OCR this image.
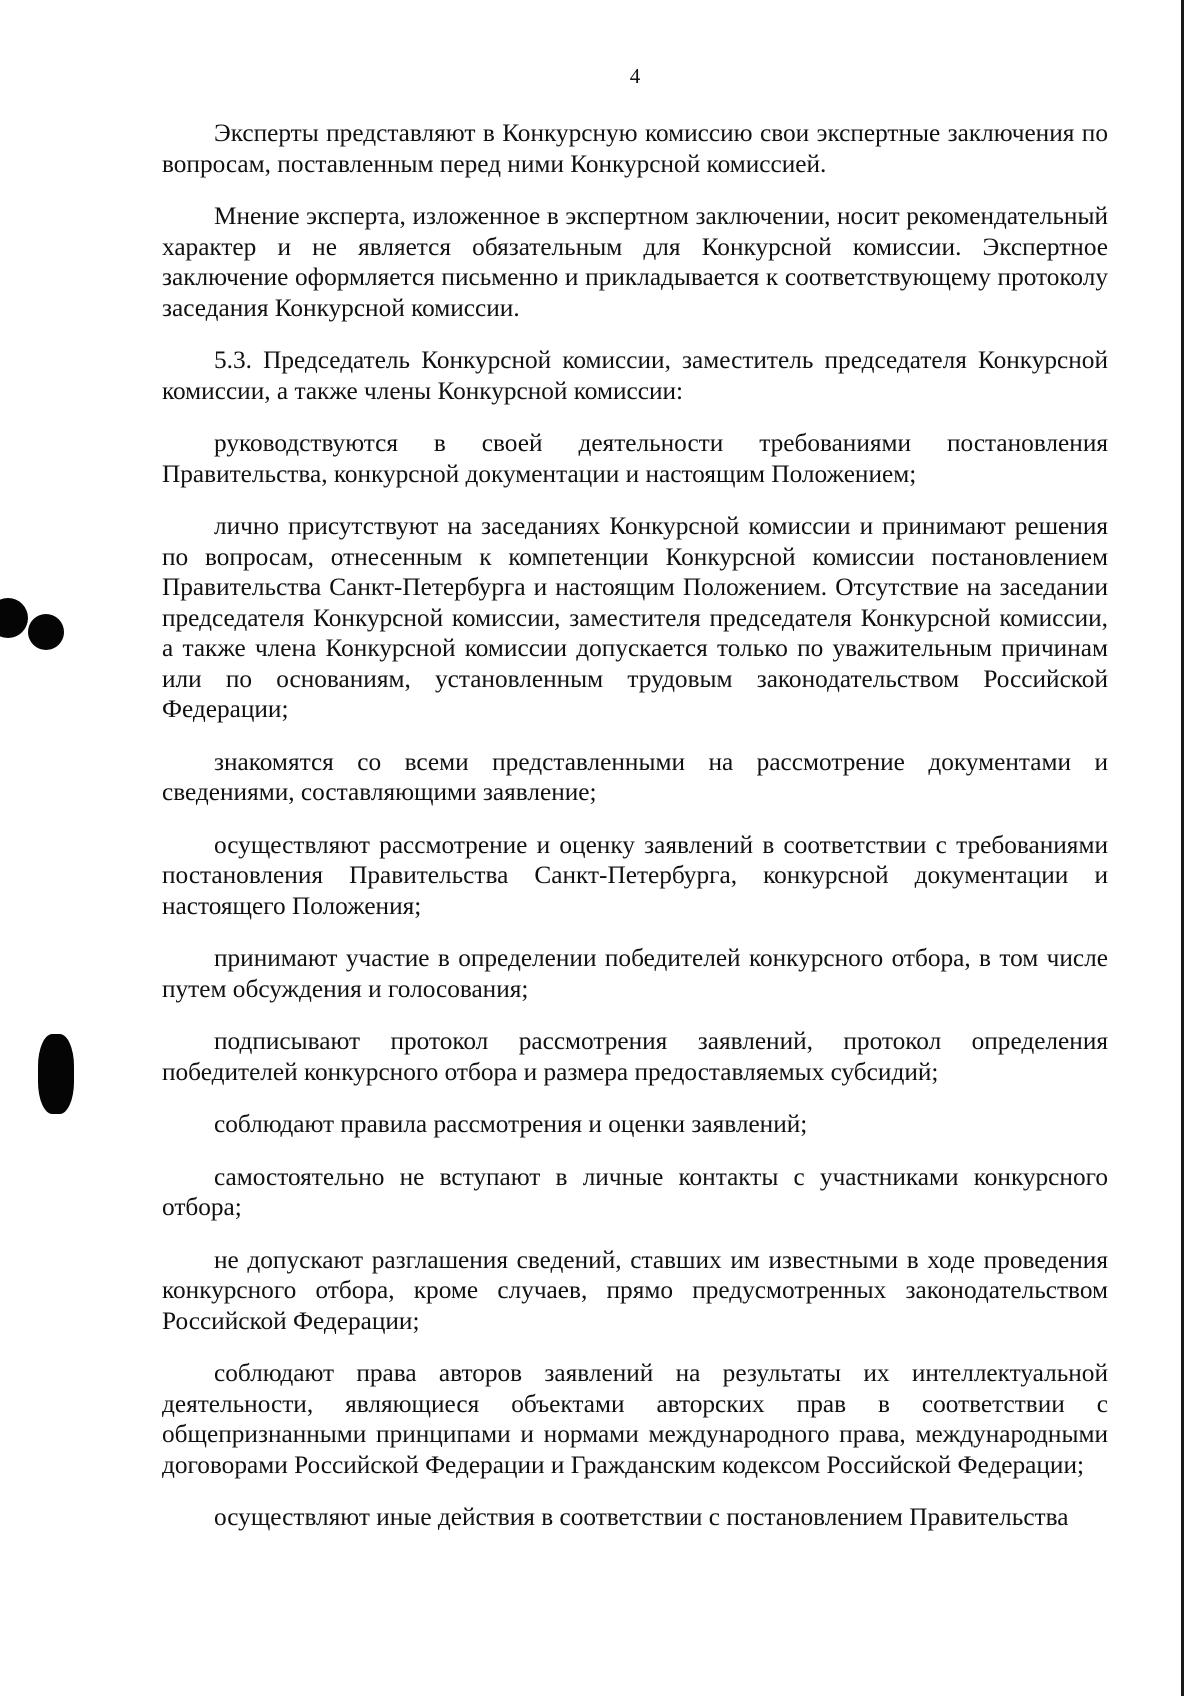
4

Эксперты представляют в Конкурсную комиссию свои экспертные заключения по вопросам, поставленным перед ними Конкурсной комиссией.

Мнение эксперта, изложенное в экспертном заключении, носит рекомендательный характер и не является обязательным для Конкурсной комиссии. Экспертное заключение оформляется письменно и прикладывается к соответствующему протоколу заседания Конкурсной комиссии.

5.3. Председатель Конкурсной комиссии, заместитель председателя Конкурсной комиссии, а также члены Конкурсной комиссии:

руководствуются в своей деятельности требованиями постановления Правительства, конкурсной документации и настоящим Положением;

лично присутствуют на заседаниях Конкурсной комиссии и принимают решения по вопросам, отнесенным к компетенции Конкурсной комиссии постановлением Правительства Санкт-Петербурга и настоящим Положением. Отсутствие на заседании председателя Конкурсной комиссии, заместителя председателя Конкурсной комиссии, а также члена Конкурсной комиссии допускается только по уважительным причинам или по основаниям, установленным трудовым законодательством Российской Федерации;

знакомятся со всеми представленными на рассмотрение документами и сведениями, составляющими заявление;

осуществляют рассмотрение и оценку заявлений в соответствии с требованиями постановления Правительства Санкт-Петербурга, конкурсной документации и настоящего Положения;

принимают участие в определении победителей конкурсного отбора, в том числе путем обсуждения и голосования;

подписывают протокол рассмотрения заявлений, протокол определения победителей конкурсного отбора и размера предоставляемых субсидий;

соблюдают правила рассмотрения и оценки заявлений;

самостоятельно не вступают в личные контакты с участниками конкурсного отбора;

не допускают разглашения сведений, ставших им известными в ходе проведения конкурсного отбора, кроме случаев, прямо предусмотренных законодательством Российской Федерации;

соблюдают права авторов заявлений на результаты их интеллектуальной деятельности, являющиеся объектами авторских прав в соответствии с общепризнанными принципами и нормами международного права, международными договорами Российской Федерации и Гражданским кодексом Российской Федерации;

осуществляют иные действия в соответствии с постановлением Правительства
